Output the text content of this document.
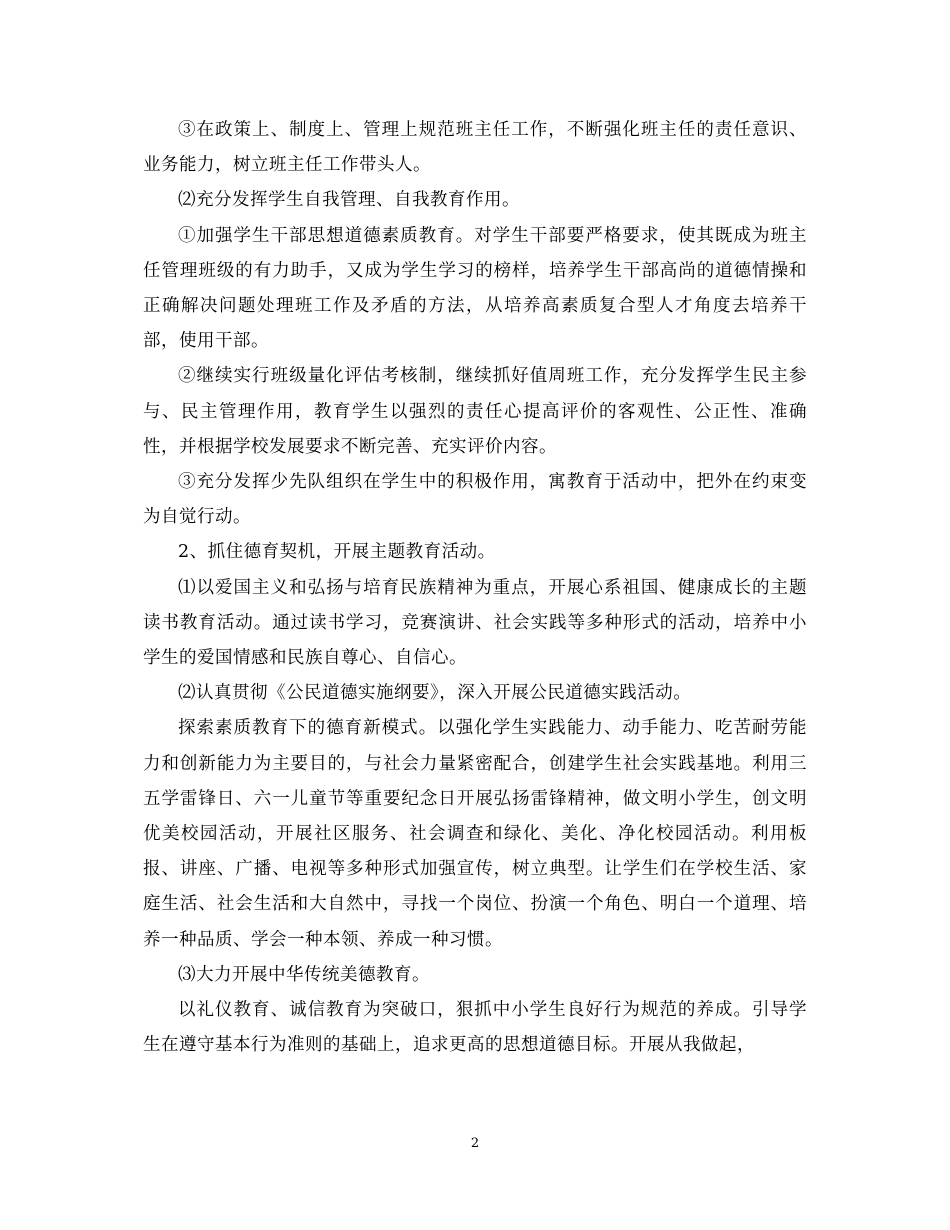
③在政策上、制度上、管理上规范班主任工作，不断强化班主任的责任意识、业务能力，树立班主任工作带头人。

⑵充分发挥学生自我管理、自我教育作用。

①加强学生干部思想道德素质教育。对学生干部要严格要求，使其既成为班主任管理班级的有力助手，又成为学生学习的榜样，培养学生干部高尚的道德情操和正确解决问题处理班工作及矛盾的方法，从培养高素质复合型人才角度去培养干部，使用干部。

②继续实行班级量化评估考核制，继续抓好值周班工作，充分发挥学生民主参与、民主管理作用，教育学生以强烈的责任心提高评价的客观性、公正性、准确性，并根据学校发展要求不断完善、充实评价内容。

③充分发挥少先队组织在学生中的积极作用，寓教育于活动中，把外在约束变为自觉行动。

2、抓住德育契机，开展主题教育活动。

⑴以爱国主义和弘扬与培育民族精神为重点，开展心系祖国、健康成长的主题读书教育活动。通过读书学习，竞赛演讲、社会实践等多种形式的活动，培养中小学生的爱国情感和民族自尊心、自信心。

⑵认真贯彻《公民道德实施纲要》，深入开展公民道德实践活动。

探索素质教育下的德育新模式。以强化学生实践能力、动手能力、吃苦耐劳能力和创新能力为主要目的，与社会力量紧密配合，创建学生社会实践基地。利用三五学雷锋日、六一儿童节等重要纪念日开展弘扬雷锋精神，做文明小学生，创文明优美校园活动，开展社区服务、社会调查和绿化、美化、净化校园活动。利用板报、讲座、广播、电视等多种形式加强宣传，树立典型。让学生们在学校生活、家庭生活、社会生活和大自然中，寻找一个岗位、扮演一个角色、明白一个道理、培养一种品质、学会一种本领、养成一种习惯。

⑶大力开展中华传统美德教育。

以礼仪教育、诚信教育为突破口，狠抓中小学生良好行为规范的养成。引导学生在遵守基本行为准则的基础上，追求更高的思想道德目标。开展从我做起，

2
